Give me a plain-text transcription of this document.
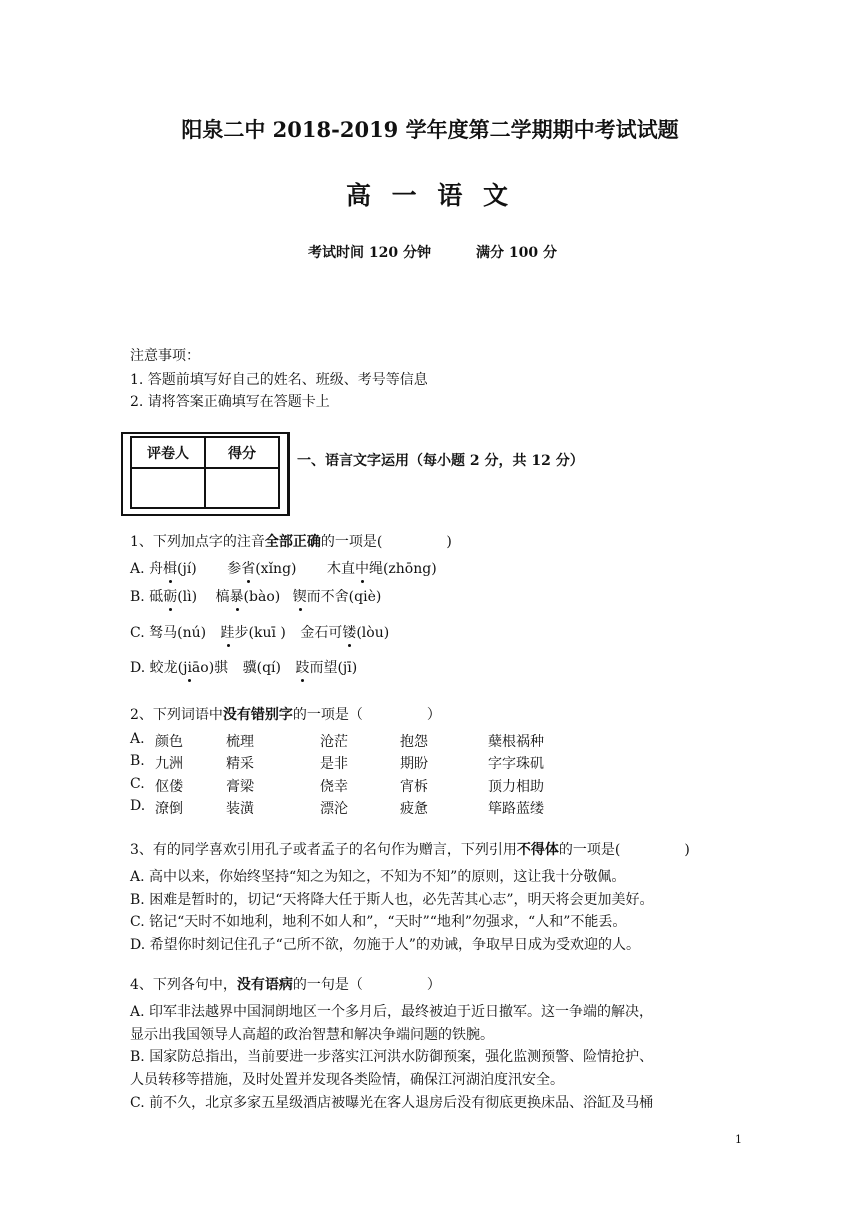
阳泉二中 2018-2019 学年度第二学期期中考试试题
高 一 语 文
考试时间 120 分钟	满分 100 分
注意事项：
1. 答题前填写好自己的姓名、班级、考号等信息
2. 请将答案正确填写在答题卡上
评卷人	得分
		一、语言文字运用（每小题 2 分，共 12 分）
1、下列加点字的注音全部正确的一项是(	)
A. 舟楫(jí) 参省(xǐng) 木直中绳(zhōng)
B. 砥砺(lì) 槁暴(bào) 锲而不舍(qiè)
C. 驽马(nú) 跬步(kuī ) 金石可镂(lòu)
D. 蛟龙(jiāo)骐 骥(qí) 跂而望(jī)
2、下列词语中没有错别字的一项是（	）
A. 颜色	梳理	沧茫	抱怨	蘖根祸种
B. 九洲	精采	是非	期盼	字字珠矶
C. 伛偻	膏梁	侥幸	宵柝	顶力相助
D. 潦倒	装潢	漂沦	疲惫	筚路蓝缕
3、有的同学喜欢引用孔子或者孟子的名句作为赠言，下列引用不得体的一项是(	)
A. 高中以来，你始终坚持“知之为知之，不知为不知”的原则，这让我十分敬佩。
B. 困难是暂时的，切记“天将降大任于斯人也，必先苦其心志”，明天将会更加美好。
C. 铭记“天时不如地利，地利不如人和”，“天时”“地利”勿强求，“人和”不能丢。
D. 希望你时刻记住孔子“己所不欲，勿施于人”的劝诫，争取早日成为受欢迎的人。
4、下列各句中，没有语病的一句是（	）
A. 印军非法越界中国洞朗地区一个多月后，最终被迫于近日撤军。这一争端的解决，
显示出我国领导人高超的政治智慧和解决争端问题的铁腕。
B. 国家防总指出，当前要进一步落实江河洪水防御预案，强化监测预警、险情抢护、
人员转移等措施，及时处置并发现各类险情，确保江河湖泊度汛安全。
C. 前不久，北京多家五星级酒店被曝光在客人退房后没有彻底更换床品、浴缸及马桶
1
